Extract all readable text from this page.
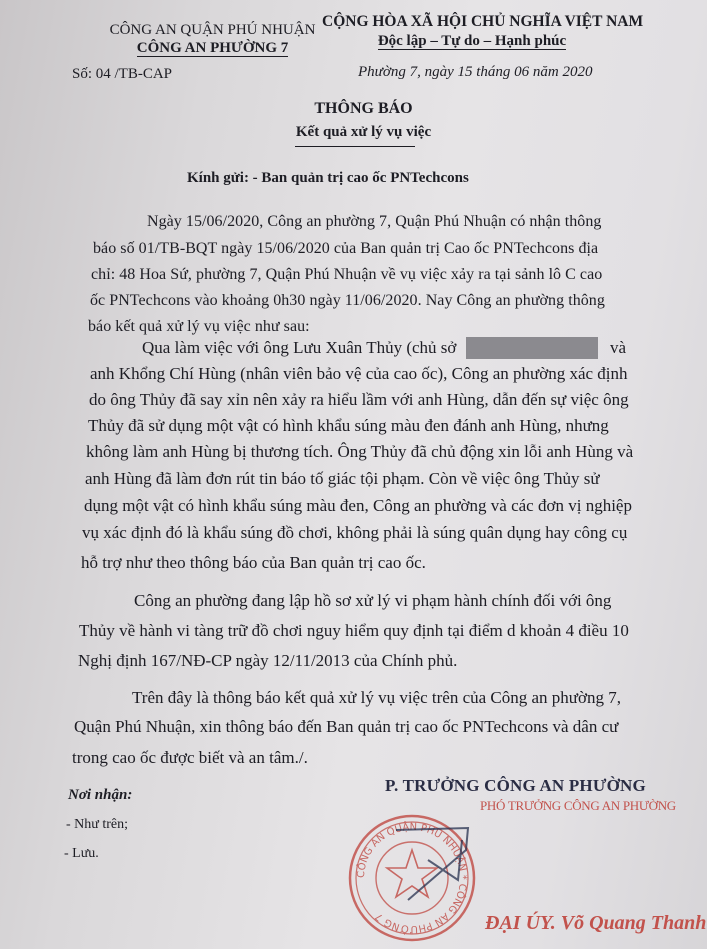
CÔNG AN QUẬN PHÚ NHUẬN
CÔNG AN PHƯỜNG 7
CỘNG HÒA XÃ HỘI CHỦ NGHĨA VIỆT NAM
Độc lập – Tự do – Hạnh phúc
Số: 04 /TB-CAP	Phường 7, ngày 15 tháng 06 năm 2020
THÔNG BÁO
Kết quả xử lý vụ việc
Kính gửi: - Ban quản trị cao ốc PNTechcons
Ngày 15/06/2020, Công an phường 7, Quận Phú Nhuận có nhận thông
báo số 01/TB-BQT ngày 15/06/2020 của Ban quản trị Cao ốc PNTechcons địa
chỉ: 48 Hoa Sứ, phường 7, Quận Phú Nhuận về vụ việc xảy ra tại sảnh lô C cao
ốc PNTechcons vào khoảng 0h30 ngày 11/06/2020. Nay Công an phường thông
báo kết quả xử lý vụ việc như sau:
Qua làm việc với ông Lưu Xuân Thủy (chủ sở	và
anh Khổng Chí Hùng (nhân viên bảo vệ của cao ốc), Công an phường xác định
do ông Thủy đã say xỉn nên xảy ra hiểu lầm với anh Hùng, dẫn đến sự việc ông
Thủy đã sử dụng một vật có hình khẩu súng màu đen đánh anh Hùng, nhưng
không làm anh Hùng bị thương tích. Ông Thủy đã chủ động xin lỗi anh Hùng và
anh Hùng đã làm đơn rút tin báo tố giác tội phạm. Còn về việc ông Thủy sử
dụng một vật có hình khẩu súng màu đen, Công an phường và các đơn vị nghiệp
vụ xác định đó là khẩu súng đồ chơi, không phải là súng quân dụng hay công cụ
hỗ trợ như theo thông báo của Ban quản trị cao ốc.
Công an phường đang lập hồ sơ xử lý vi phạm hành chính đối với ông
Thủy về hành vi tàng trữ đồ chơi nguy hiểm quy định tại điểm d khoản 4 điều 10
Nghị định 167/NĐ-CP ngày 12/11/2013 của Chính phủ.
Trên đây là thông báo kết quả xử lý vụ việc trên của Công an phường 7,
Quận Phú Nhuận, xin thông báo đến Ban quản trị cao ốc PNTechcons và dân cư
trong cao ốc được biết và an tâm./.
Nơi nhận:
- Như trên;
- Lưu.
P. TRƯỞNG CÔNG AN PHƯỜNG
PHÓ TRƯỞNG CÔNG AN PHƯỜNG
CÔNG AN QUẬN PHÚ NHUẬN * CÔNG AN PHƯỜNG 7	ĐẠI ÚY. Võ Quang Thanh
